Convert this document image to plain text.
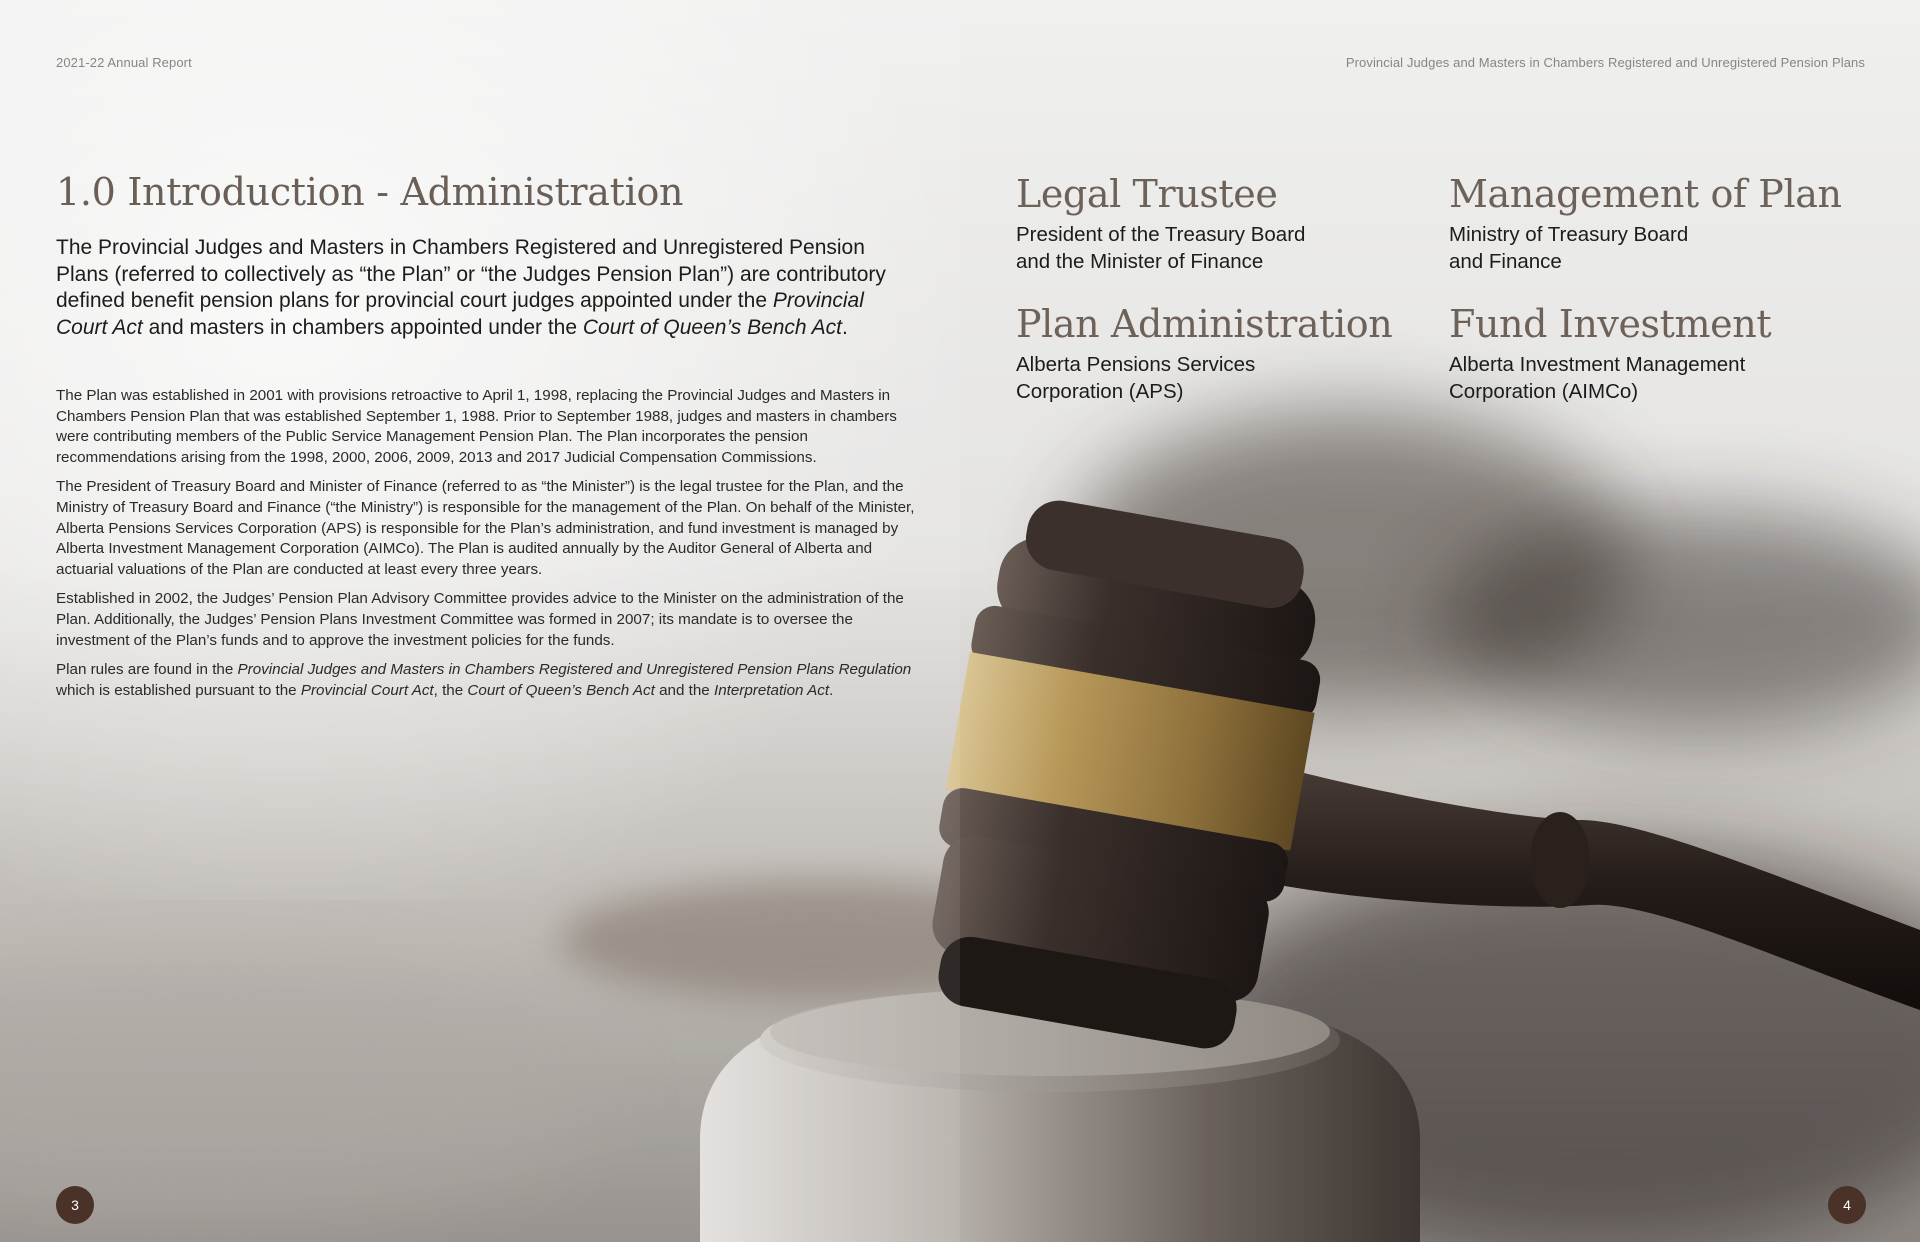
2021-22 Annual Report
1.0 Introduction - Administration

The Provincial Judges and Masters in Chambers Registered and Unregistered Pension Plans (referred to collectively as “the Plan” or “the Judges Pension Plan”) are contributory defined benefit pension plans for provincial court judges appointed under the Provincial Court Act and masters in chambers appointed under the Court of Queen’s Bench Act.

The Plan was established in 2001 with provisions retroactive to April 1, 1998, replacing the Provincial Judges and Masters in Chambers Pension Plan that was established September 1, 1988. Prior to September 1988, judges and masters in chambers were contributing members of the Public Service Management Pension Plan. The Plan incorporates the pension recommendations arising from the 1998, 2000, 2006, 2009, 2013 and 2017 Judicial Compensation Commissions.

The President of Treasury Board and Minister of Finance (referred to as “the Minister”) is the legal trustee for the Plan, and the Ministry of Treasury Board and Finance (“the Ministry”) is responsible for the management of the Plan. On behalf of the Minister, Alberta Pensions Services Corporation (APS) is responsible for the Plan’s administration, and fund investment is managed by Alberta Investment Management Corporation (AIMCo). The Plan is audited annually by the Auditor General of Alberta and actuarial valuations of the Plan are conducted at least every three years.

Established in 2002, the Judges’ Pension Plan Advisory Committee provides advice to the Minister on the administration of the Plan. Additionally, the Judges’ Pension Plans Investment Committee was formed in 2007; its mandate is to oversee the investment of the Plan’s funds and to approve the investment policies for the funds.

Plan rules are found in the Provincial Judges and Masters in Chambers Registered and Unregistered Pension Plans Regulation which is established pursuant to the Provincial Court Act, the Court of Queen’s Bench Act and the Interpretation Act.

3
Provincial Judges and Masters in Chambers Registered and Unregistered Pension Plans
Legal Trustee

President of the Treasury Board
and the Minister of Finance

Management of Plan

Ministry of Treasury Board
and Finance

Plan Administration

Alberta Pensions Services
Corporation (APS)

Fund Investment

Alberta Investment Management
Corporation (AIMCo)

4
